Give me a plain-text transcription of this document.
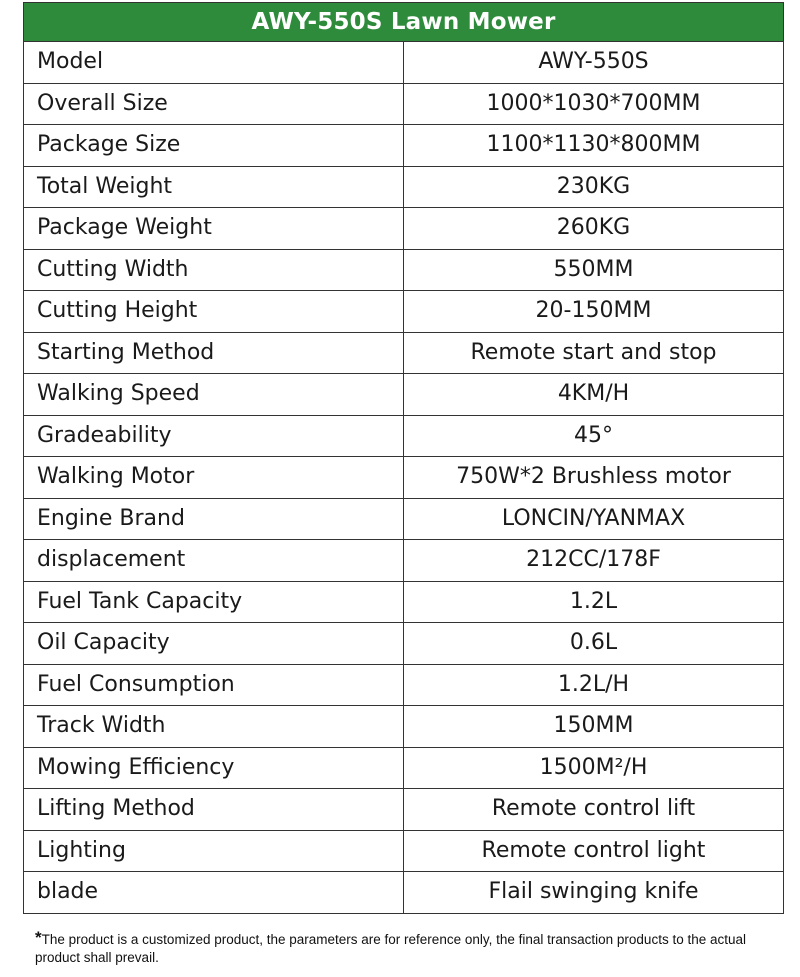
AWY-550S Lawn Mower	
Model	AWY-550S
Overall Size	1000*1030*700MM
Package Size	1100*1130*800MM
Total Weight	230KG
Package Weight	260KG
Cutting Width	550MM
Cutting Height	20-150MM
Starting Method	Remote start and stop
Walking Speed	4KM/H
Gradeability	45°
Walking Motor	750W*2 Brushless motor
Engine Brand	LONCIN/YANMAX
displacement	212CC/178F
Fuel Tank Capacity	1.2L
Oil Capacity	0.6L
Fuel Consumption	1.2L/H
Track Width	150MM
Mowing Efficiency	1500M²/H
Lifting Method	Remote control lift
Lighting	Remote control light
blade	Flail swinging knife
*The product is a customized product, the parameters are for reference only, the final transaction products to the actual product shall prevail.
